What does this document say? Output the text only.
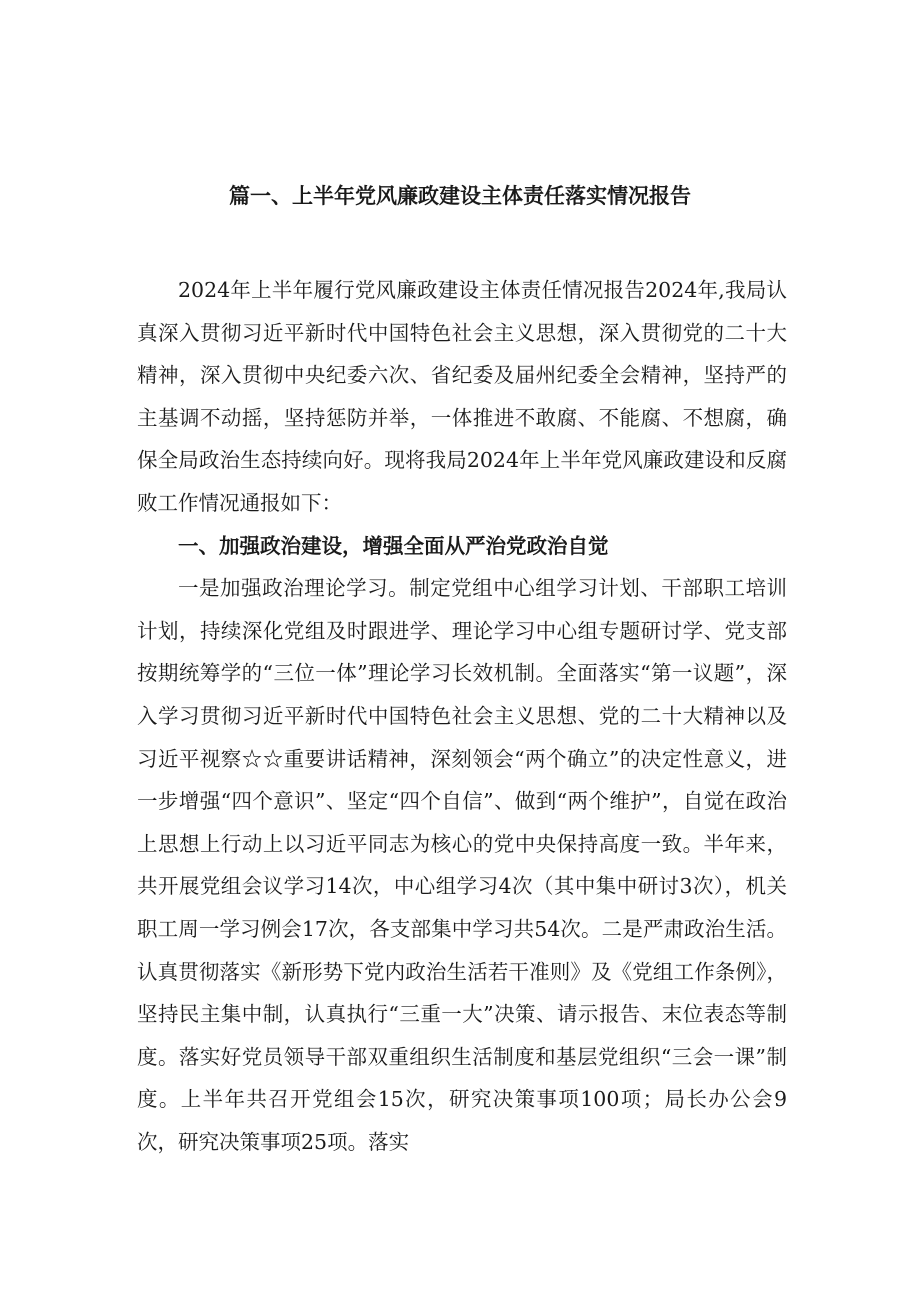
篇一、上半年党风廉政建设主体责任落实情况报告

2024年上半年履行党风廉政建设主体责任情况报告2024年,我局认真深入贯彻习近平新时代中国特色社会主义思想，深入贯彻党的二十大精神，深入贯彻中央纪委六次、省纪委及届州纪委全会精神，坚持严的主基调不动摇，坚持惩防并举，一体推进不敢腐、不能腐、不想腐，确保全局政治生态持续向好。现将我局2024年上半年党风廉政建设和反腐败工作情况通报如下：

一、加强政治建设，增强全面从严治党政治自觉

一是加强政治理论学习。制定党组中心组学习计划、干部职工培训计划，持续深化党组及时跟进学、理论学习中心组专题研讨学、党支部按期统筹学的“三位一体”理论学习长效机制。全面落实“第一议题”，深入学习贯彻习近平新时代中国特色社会主义思想、党的二十大精神以及习近平视察☆☆重要讲话精神，深刻领会“两个确立”的决定性意义，进一步增强“四个意识”、坚定“四个自信”、做到“两个维护”，自觉在政治上思想上行动上以习近平同志为核心的党中央保持高度一致。半年来，共开展党组会议学习14次，中心组学习4次（其中集中研讨3次），机关职工周一学习例会17次，各支部集中学习共54次。二是严肃政治生活。认真贯彻落实《新形势下党内政治生活若干准则》及《党组工作条例》，坚持民主集中制，认真执行“三重一大”决策、请示报告、末位表态等制度。落实好党员领导干部双重组织生活制度和基层党组织“三会一课”制度。上半年共召开党组会15次，研究决策事项100项；局长办公会9次，研究决策事项25项。落实
